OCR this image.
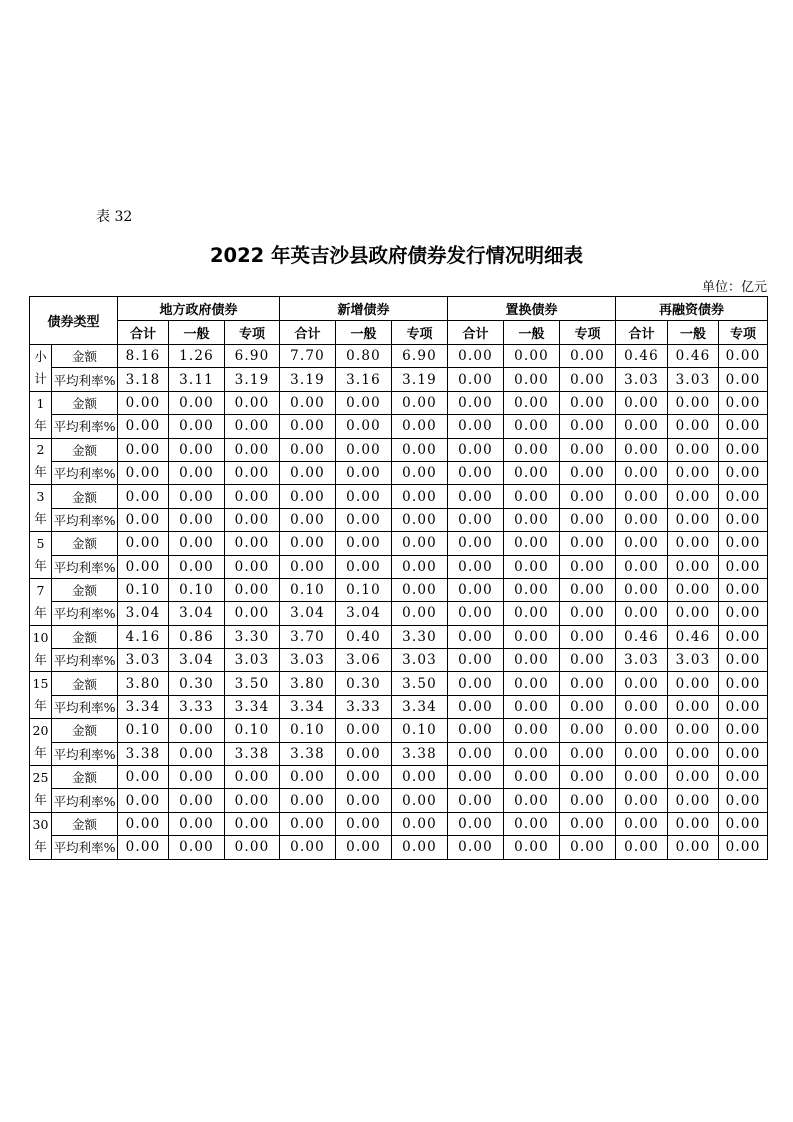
表 32
2022 年英吉沙县政府债券发行情况明细表
单位：亿元
债券类型		地方政府债券			新增债券			置换债券			再融资债券		
		合计	一般	专项	合计	一般	专项	合计	一般	专项	合计	一般	专项

小
计	金额	8.16	1.26	6.90	7.70	0.80	6.90	0.00	0.00	0.00	0.46	0.46	0.00
	平均利率%	3.18	3.11	3.19	3.19	3.16	3.19	0.00	0.00	0.00	3.03	3.03	0.00

1
年	金额	0.00	0.00	0.00	0.00	0.00	0.00	0.00	0.00	0.00	0.00	0.00	0.00
	平均利率%	0.00	0.00	0.00	0.00	0.00	0.00	0.00	0.00	0.00	0.00	0.00	0.00

2
年	金额	0.00	0.00	0.00	0.00	0.00	0.00	0.00	0.00	0.00	0.00	0.00	0.00
	平均利率%	0.00	0.00	0.00	0.00	0.00	0.00	0.00	0.00	0.00	0.00	0.00	0.00

3
年	金额	0.00	0.00	0.00	0.00	0.00	0.00	0.00	0.00	0.00	0.00	0.00	0.00
	平均利率%	0.00	0.00	0.00	0.00	0.00	0.00	0.00	0.00	0.00	0.00	0.00	0.00

5
年	金额	0.00	0.00	0.00	0.00	0.00	0.00	0.00	0.00	0.00	0.00	0.00	0.00
	平均利率%	0.00	0.00	0.00	0.00	0.00	0.00	0.00	0.00	0.00	0.00	0.00	0.00

7
年	金额	0.10	0.10	0.00	0.10	0.10	0.00	0.00	0.00	0.00	0.00	0.00	0.00
	平均利率%	3.04	3.04	0.00	3.04	3.04	0.00	0.00	0.00	0.00	0.00	0.00	0.00

10
年	金额	4.16	0.86	3.30	3.70	0.40	3.30	0.00	0.00	0.00	0.46	0.46	0.00
	平均利率%	3.03	3.04	3.03	3.03	3.06	3.03	0.00	0.00	0.00	3.03	3.03	0.00

15
年	金额	3.80	0.30	3.50	3.80	0.30	3.50	0.00	0.00	0.00	0.00	0.00	0.00
	平均利率%	3.34	3.33	3.34	3.34	3.33	3.34	0.00	0.00	0.00	0.00	0.00	0.00

20
年	金额	0.10	0.00	0.10	0.10	0.00	0.10	0.00	0.00	0.00	0.00	0.00	0.00
	平均利率%	3.38	0.00	3.38	3.38	0.00	3.38	0.00	0.00	0.00	0.00	0.00	0.00

25
年	金额	0.00	0.00	0.00	0.00	0.00	0.00	0.00	0.00	0.00	0.00	0.00	0.00
	平均利率%	0.00	0.00	0.00	0.00	0.00	0.00	0.00	0.00	0.00	0.00	0.00	0.00

30
年	金额	0.00	0.00	0.00	0.00	0.00	0.00	0.00	0.00	0.00	0.00	0.00	0.00
	平均利率%	0.00	0.00	0.00	0.00	0.00	0.00	0.00	0.00	0.00	0.00	0.00	0.00
